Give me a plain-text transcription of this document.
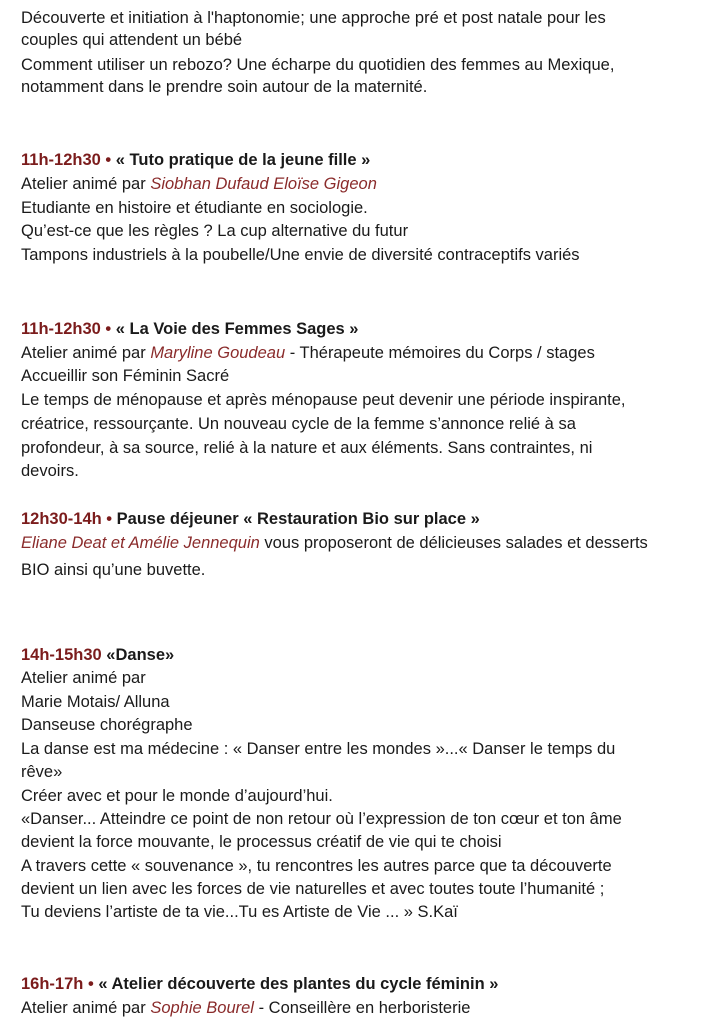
Découverte et initiation à l'haptonomie; une approche pré et post natale pour les
couples qui attendent un bébé
Comment utiliser un rebozo? Une écharpe du quotidien des femmes au Mexique,
notamment dans le prendre soin autour de la maternité.
11h-12h30 • « Tuto pratique de la jeune fille »
Atelier animé par Siobhan Dufaud Eloïse Gigeon
Etudiante en histoire et étudiante en sociologie.
Qu’est-ce que les règles ? La cup alternative du futur
Tampons industriels à la poubelle/Une envie de diversité contraceptifs variés
11h-12h30 • « La Voie des Femmes Sages »
Atelier animé par Maryline Goudeau - Thérapeute mémoires du Corps / stages
Accueillir son Féminin Sacré
Le temps de ménopause et après ménopause peut devenir une période inspirante,
créatrice, ressourçante. Un nouveau cycle de la femme s’annonce relié à sa
profondeur, à sa source, relié à la nature et aux éléments. Sans contraintes, ni
devoirs.
12h30-14h • Pause déjeuner « Restauration Bio sur place »
Eliane Deat et Amélie Jennequin vous proposeront de délicieuses salades et desserts
BIO ainsi qu’une buvette.
14h-15h30 «Danse»
Atelier animé par
Marie Motais/ Alluna
Danseuse chorégraphe
La danse est ma médecine : « Danser entre les mondes »...« Danser le temps du
rêve»
Créer avec et pour le monde d’aujourd’hui.
«Danser... Atteindre ce point de non retour où l’expression de ton cœur et ton âme
devient la force mouvante, le processus créatif de vie qui te choisi
A travers cette « souvenance », tu rencontres les autres parce que ta découverte
devient un lien avec les forces de vie naturelles et avec toutes toute l’humanité ;
Tu deviens l’artiste de ta vie...Tu es Artiste de Vie ... » S.Kaï
16h-17h • « Atelier découverte des plantes du cycle féminin »
Atelier animé par Sophie Bourel - Conseillère en herboristerie
